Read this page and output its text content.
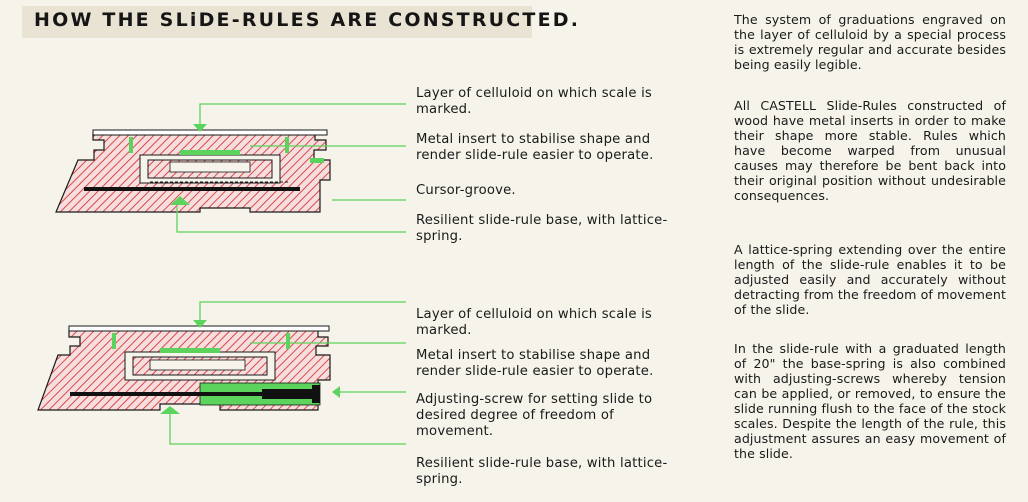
HOW THE SLiDE-RULES ARE CONSTRUCTED.
Layer of celluloid on which scale is marked.
Metal insert to stabilise shape and render slide-rule easier to operate.
Cursor-groove.
Resilient slide-rule base, with lattice-spring.
Layer of celluloid on which scale is marked.
Metal insert to stabilise shape and render slide-rule easier to operate.
Adjusting-screw for setting slide to desired degree of freedom of movement.
Resilient slide-rule base, with lattice-spring.
The system of graduations engraved on the layer of celluloid by a special process is extremely regular and accurate besides being easily legible.
All CASTELL Slide-Rules constructed of wood have metal inserts in order to make their shape more stable. Rules which have become warped from unusual causes may therefore be bent back into their original position without undesirable consequences.
A lattice-spring extending over the entire length of the slide-rule enables it to be adjusted easily and accurately without detracting from the freedom of movement of the slide.
In the slide-rule with a graduated length of 20" the base-spring is also combined with adjusting-screws whereby tension can be applied, or removed, to ensure the slide running flush to the face of the stock scales. Despite the length of the rule, this adjustment assures an easy movement of the slide.
